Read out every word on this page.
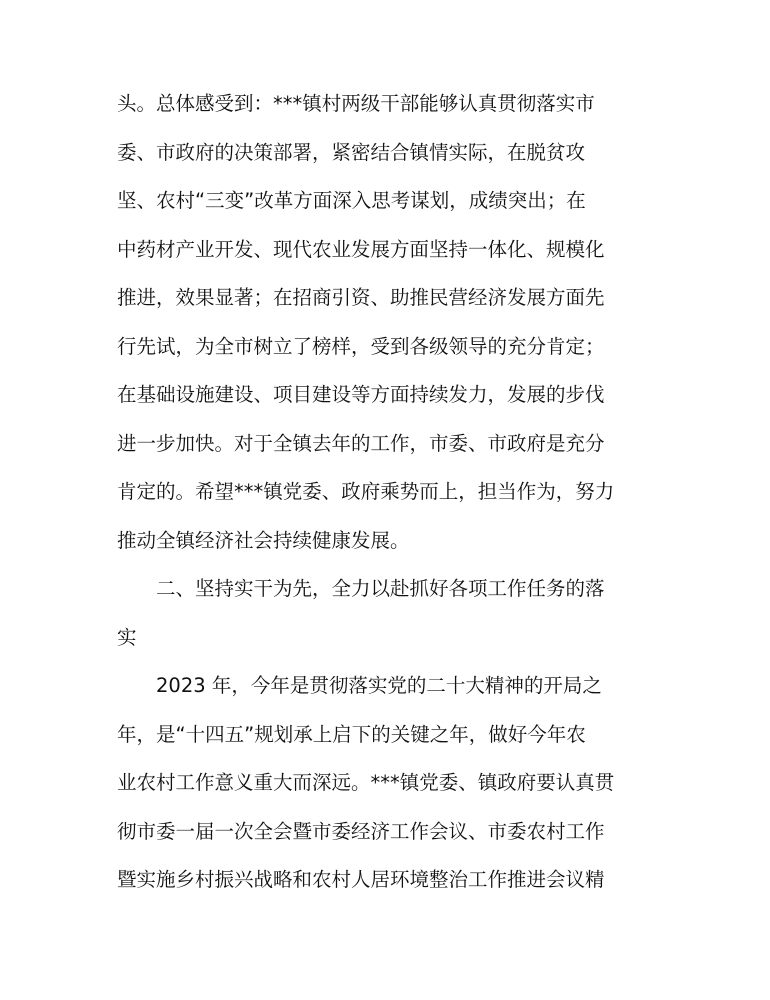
头。总体感受到：***镇村两级干部能够认真贯彻落实市
委、市政府的决策部署，紧密结合镇情实际，在脱贫攻
坚、农村“三变”改革方面深入思考谋划，成绩突出；在
中药材产业开发、现代农业发展方面坚持一体化、规模化
推进，效果显著；在招商引资、助推民营经济发展方面先
行先试，为全市树立了榜样，受到各级领导的充分肯定；
在基础设施建设、项目建设等方面持续发力，发展的步伐
进一步加快。对于全镇去年的工作，市委、市政府是充分
肯定的。希望***镇党委、政府乘势而上，担当作为，努力
推动全镇经济社会持续健康发展。
二、坚持实干为先，全力以赴抓好各项工作任务的落
实
2023 年，今年是贯彻落实党的二十大精神的开局之
年，是“十四五”规划承上启下的关键之年，做好今年农
业农村工作意义重大而深远。***镇党委、镇政府要认真贯
彻市委一届一次全会暨市委经济工作会议、市委农村工作
暨实施乡村振兴战略和农村人居环境整治工作推进会议精
